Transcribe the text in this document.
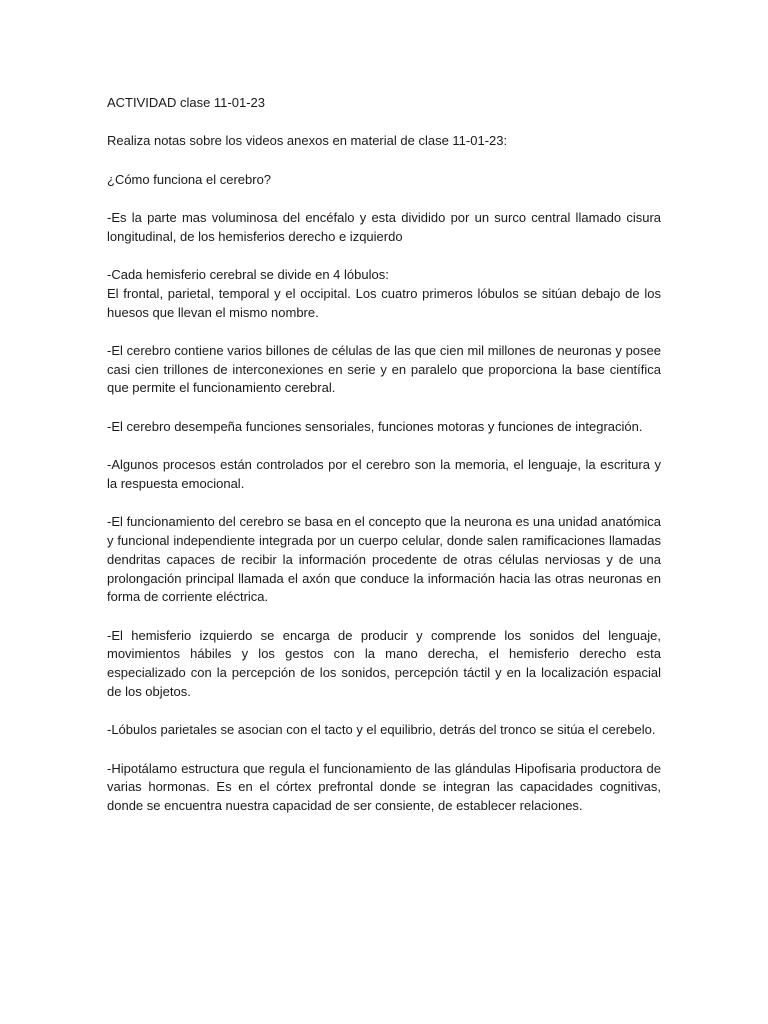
ACTIVIDAD clase 11-01-23

Realiza notas sobre los videos anexos en material de clase 11-01-23:

¿Cómo funciona el cerebro?

-Es la parte mas voluminosa del encéfalo y esta dividido por un surco central llamado cisura longitudinal, de los hemisferios derecho e izquierdo

-Cada hemisferio cerebral se divide en 4 lóbulos:
El frontal, parietal, temporal y el occipital. Los cuatro primeros lóbulos se sitúan debajo de los huesos que llevan el mismo nombre.

-El cerebro contiene varios billones de células de las que cien mil millones de neuronas y posee casi cien trillones de interconexiones en serie y en paralelo que proporciona la base científica que permite el funcionamiento cerebral.

-El cerebro desempeña funciones sensoriales, funciones motoras y funciones de integración.

-Algunos procesos están controlados por el cerebro son la memoria, el lenguaje, la escritura y la respuesta emocional.

-El funcionamiento del cerebro se basa en el concepto que la neurona es una unidad anatómica y funcional independiente integrada por un cuerpo celular, donde salen ramificaciones llamadas dendritas capaces de recibir la información procedente de otras células nerviosas y de una prolongación principal llamada el axón que conduce la información hacia las otras neuronas en forma de corriente eléctrica.

-El hemisferio izquierdo se encarga de producir y comprende los sonidos del lenguaje, movimientos hábiles y los gestos con la mano derecha, el hemisferio derecho esta especializado con la percepción de los sonidos, percepción táctil y en la localización espacial de los objetos.

-Lóbulos parietales se asocian con el tacto y el equilibrio, detrás del tronco se sitúa el cerebelo.

-Hipotálamo estructura que regula el funcionamiento de las glándulas Hipofisaria productora de varias hormonas. Es en el córtex prefrontal donde se integran las capacidades cognitivas, donde se encuentra nuestra capacidad de ser consiente, de establecer relaciones.
